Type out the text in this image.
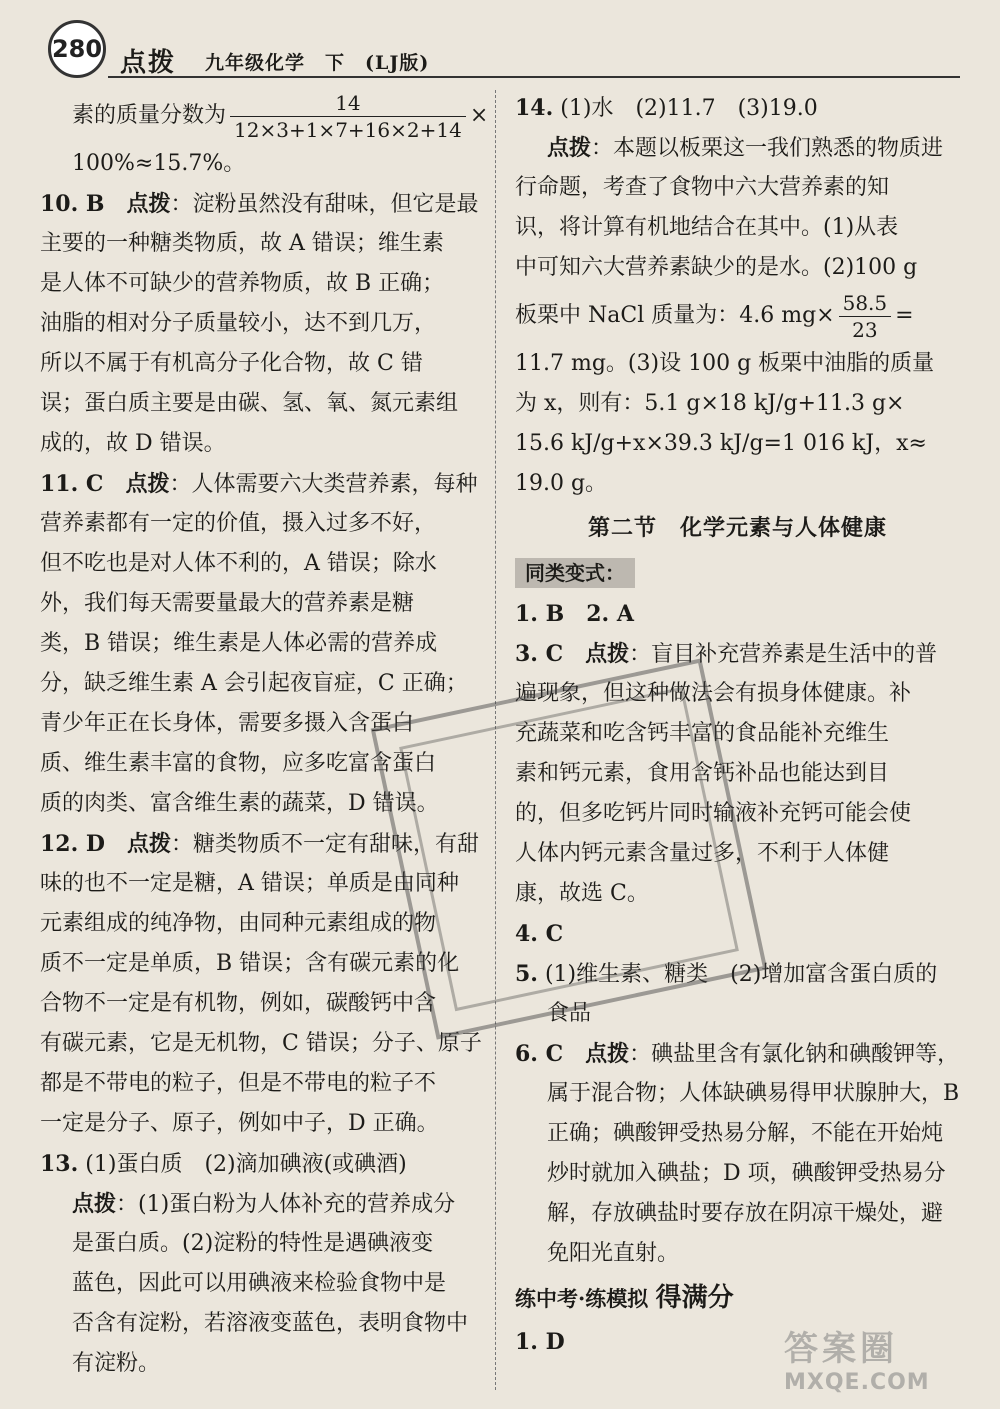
280 点拨 九年级化学　下　(LJ版)
素的质量分数为 $\frac{14}{12\times 3+1\times 7+16\times 2+14}$ ×
100%≈15.7%。
10. B　点拨：淀粉虽然没有甜味，但它是最
主要的一种糖类物质，故 A 错误；维生素
是人体不可缺少的营养物质，故 B 正确；
油脂的相对分子质量较小，达不到几万，
所以不属于有机高分子化合物，故 C 错
误；蛋白质主要是由碳、氢、氧、氮元素组
成的，故 D 错误。
11. C　点拨：人体需要六大类营养素，每种
营养素都有一定的价值，摄入过多不好，
但不吃也是对人体不利的，A 错误；除水
外，我们每天需要量最大的营养素是糖
类，B 错误；维生素是人体必需的营养成
分，缺乏维生素 A 会引起夜盲症，C 正确；
青少年正在长身体，需要多摄入含蛋白
质、维生素丰富的食物，应多吃富含蛋白
质的肉类、富含维生素的蔬菜，D 错误。
12. D　点拨：糖类物质不一定有甜味，有甜
味的也不一定是糖，A 错误；单质是由同种
元素组成的纯净物，由同种元素组成的物
质不一定是单质，B 错误；含有碳元素的化
合物不一定是有机物，例如，碳酸钙中含
有碳元素，它是无机物，C 错误；分子、原子
都是不带电的粒子，但是不带电的粒子不
一定是分子、原子，例如中子，D 正确。
13. (1)蛋白质　(2)滴加碘液(或碘酒)
点拨：(1)蛋白粉为人体补充的营养成分
是蛋白质。(2)淀粉的特性是遇碘液变
蓝色，因此可以用碘液来检验食物中是
否含有淀粉，若溶液变蓝色，表明食物中
有淀粉。
14. (1)水　(2)11.7　(3)19.0
点拨：本题以板栗这一我们熟悉的物质进
行命题，考查了食物中六大营养素的知
识，将计算有机地结合在其中。(1)从表
中可知六大营养素缺少的是水。(2)100 g
板栗中 NaCl 质量为：4.6 $mg\times \frac{58.5}{23}$ =
11.7 mg。(3)设 100 g 板栗中油脂的质量
为 x，则有：5.1 g×18 kJ/g+11.3 g×
15.6 kJ/g+x×39.3 kJ/g=1 016 kJ，x≈
19.0 g。
第二节　化学元素与人体健康
同类变式：
1. B　2. A
3. C　点拨：盲目补充营养素是生活中的普
遍现象，但这种做法会有损身体健康。补
充蔬菜和吃含钙丰富的食品能补充维生
素和钙元素，食用含钙补品也能达到目
的，但多吃钙片同时输液补充钙可能会使
人体内钙元素含量过多，不利于人体健
康，故选 C。
4. C
5. (1)维生素、糖类　(2)增加富含蛋白质的
食品
6. C　点拨：碘盐里含有氯化钠和碘酸钾等，
属于混合物；人体缺碘易得甲状腺肿大，B
正确；碘酸钾受热易分解，不能在开始炖
炒时就加入碘盐；D 项，碘酸钾受热易分
解，存放碘盐时要存放在阴凉干燥处，避
免阳光直射。
练中考·练模拟 得满分
1. D	答案圈
MXQE.COM
